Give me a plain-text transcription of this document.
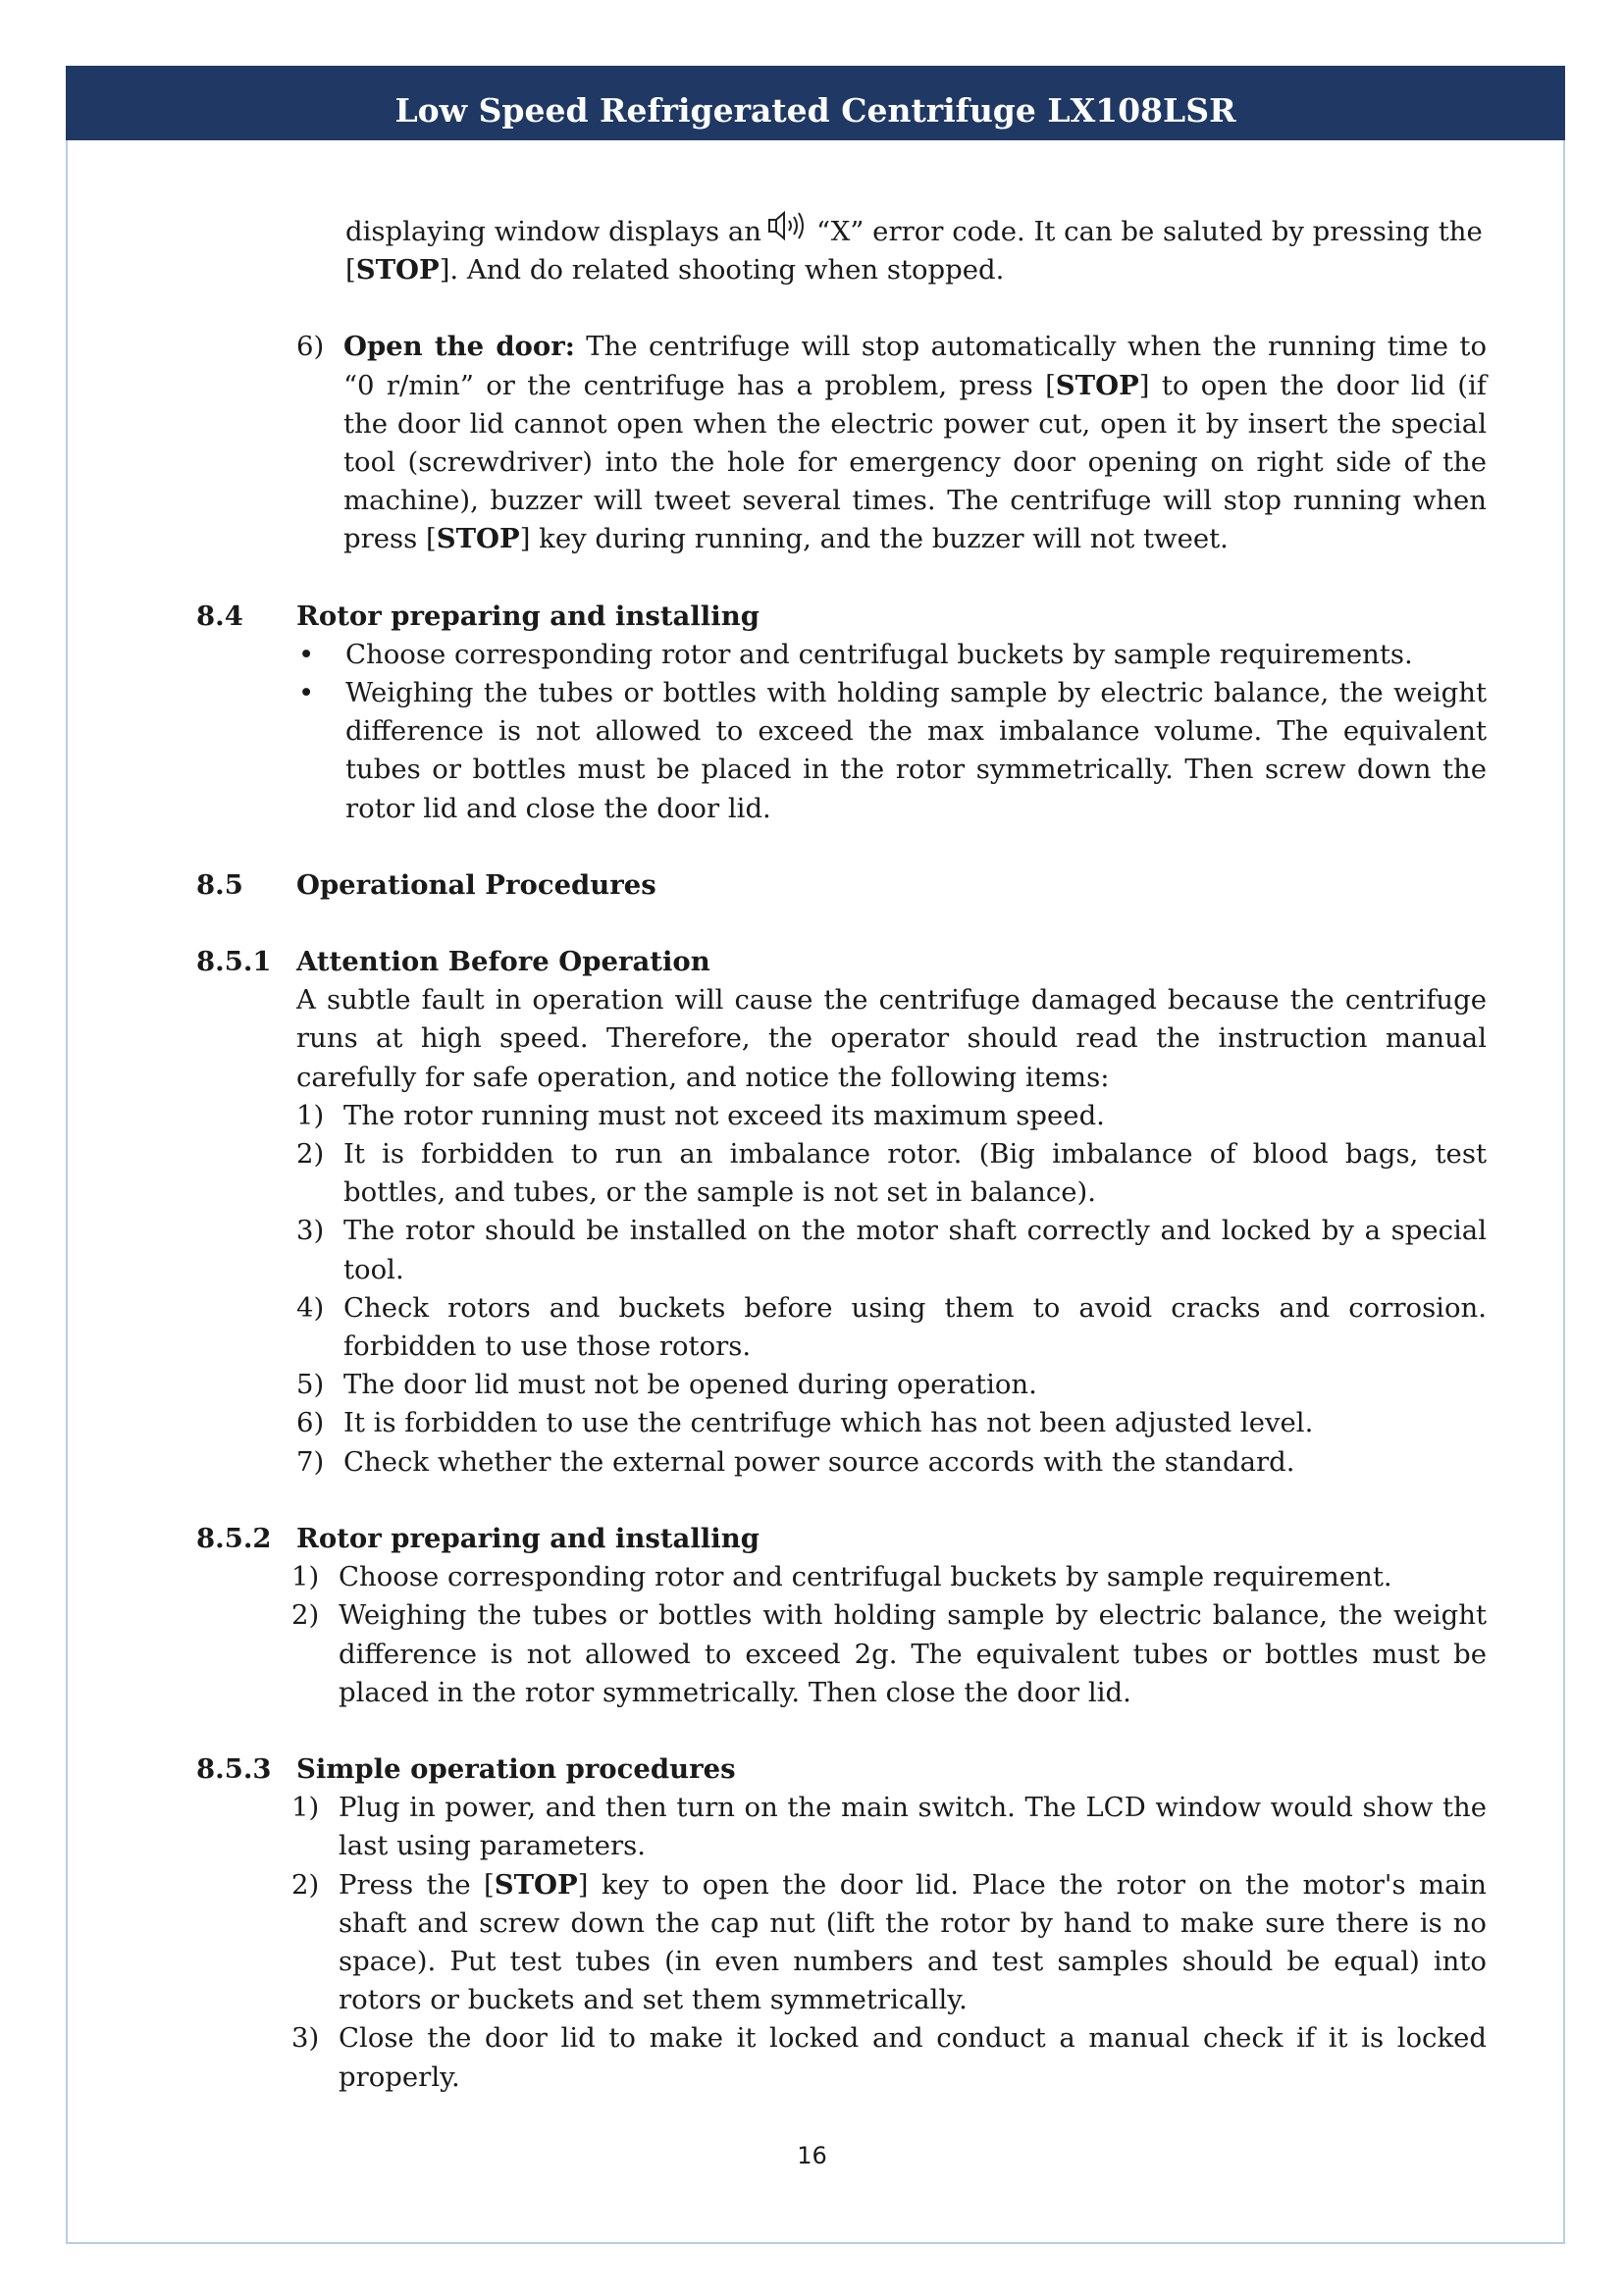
Low Speed Refrigerated Centrifuge LX108LSR
displaying window displays an “X” error code. It can be saluted by pressing the
[STOP]. And do related shooting when stopped.
6) Open the door: The centrifuge will stop automatically when the running time to “0 r/min” or the centrifuge has a problem, press [STOP] to open the door lid (if the door lid cannot open when the electric power cut, open it by insert the special tool (screwdriver) into the hole for emergency door opening on right side of the machine), buzzer will tweet several times. The centrifuge will stop running when press [STOP] key during running, and the buzzer will not tweet.
8.4 Rotor preparing and installing
• Choose corresponding rotor and centrifugal buckets by sample requirements.
• Weighing the tubes or bottles with holding sample by electric balance, the weight difference is not allowed to exceed the max imbalance volume. The equivalent tubes or bottles must be placed in the rotor symmetrically. Then screw down the rotor lid and close the door lid.
8.5 Operational Procedures
8.5.1 Attention Before Operation
A subtle fault in operation will cause the centrifuge damaged because the centrifuge runs at high speed. Therefore, the operator should read the instruction manual carefully for safe operation, and notice the following items:
1) The rotor running must not exceed its maximum speed.
2) It is forbidden to run an imbalance rotor. (Big imbalance of blood bags, test bottles, and tubes, or the sample is not set in balance).
3) The rotor should be installed on the motor shaft correctly and locked by a special tool.
4) Check rotors and buckets before using them to avoid cracks and corrosion. forbidden to use those rotors.
5) The door lid must not be opened during operation.
6) It is forbidden to use the centrifuge which has not been adjusted level.
7) Check whether the external power source accords with the standard.
8.5.2 Rotor preparing and installing
1) Choose corresponding rotor and centrifugal buckets by sample requirement.
2) Weighing the tubes or bottles with holding sample by electric balance, the weight difference is not allowed to exceed 2g. The equivalent tubes or bottles must be placed in the rotor symmetrically. Then close the door lid.
8.5.3 Simple operation procedures
1) Plug in power, and then turn on the main switch. The LCD window would show the last using parameters.
2) Press the [STOP] key to open the door lid. Place the rotor on the motor's main shaft and screw down the cap nut (lift the rotor by hand to make sure there is no space). Put test tubes (in even numbers and test samples should be equal) into rotors or buckets and set them symmetrically.
3) Close the door lid to make it locked and conduct a manual check if it is locked properly.
16
